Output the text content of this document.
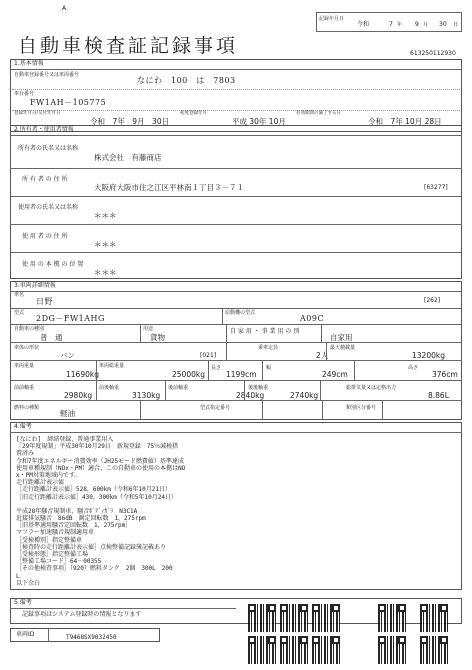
A
記録年月日
令和	7 年 9 月 30 日
自動車検査証記録事項	613250112930
1.基本情報
自動車登録番号又は車両番号
なにわ　100　は　7803
車台番号
FW1AH－105775
登録年月日/交付年月日
令和　7年　9月　30日
初度登録年月
平成 30年 10月
有効期間の満了する日
令和　7年 10月 28日
2.所有者・使用者情報
所有者の氏名又は名称
株式会社　有藤商店
所 有 者 の 住 所
大阪府大阪市住之江区平林南１丁目３－７１	[63277]
使用者の氏名又は名称
＊＊＊
使 用 者 の 住 所
＊＊＊
使 用 の 本 拠 の 位 置
＊＊＊
3.車両詳細情報
車名
日野	[262]
型式
2DG－FW1AHG
原動機の型式
A09C
自動車の種別
普　通
用途
貨物
自 家 用 ・ 事 業 用 の 別
自家用
車体の形状
バン	[021]
乗車定員
2人
最大積載量
13200kg
車両重量
11690kg
車両総重量
25000kg
長さ
1199cm
幅
249cm
高さ
376cm
前前軸重
2980kg
前後軸重
3130kg
後前軸重
2840kg
後後軸重
2740kg
総排気量又は定格出力
8.86L
燃料の種類
軽油
型式指定番号	類別区分番号
4.備考
[なにわ]　締結登録、普通事業用入
「29年度規制」平成30年10月29日　新規登録　75％減税措
置済み
令和7年度エネルギー消費効率（JH25モード燃費値）基準達成
使用車種規制（NOx・PM）適合、この自動車の使用の本拠はNO
x・PM対策地域内です。
走行距離計表示値
［走行距離計表示値］528，600km（令和6年10月21日）
［旧走行距離計表示値］430，300km（令和5年10月24日）
平成28年騒音規制車、騒音ﾎﾞﾃﾞｨｶﾞﾗ　N3C1A
近接排気騒音　86dB　測定回転数　1，275rpm
［旧基準適用騒音定回転数　1，275rpm］
マフラー加速騒音規制適用車
［受検種別］指定整備車
［検査時の走行距離計表示値］点検整備記録簿記載あり
［受検形態］指定整備工場
［整備工場コード］64－00355
［その他検査事項］（920）燃料タンク　2個　300L　200
L
以下余白
5.備考
記録事項はシステム登録時の情報となります
車両ID	T9468SX9032450
